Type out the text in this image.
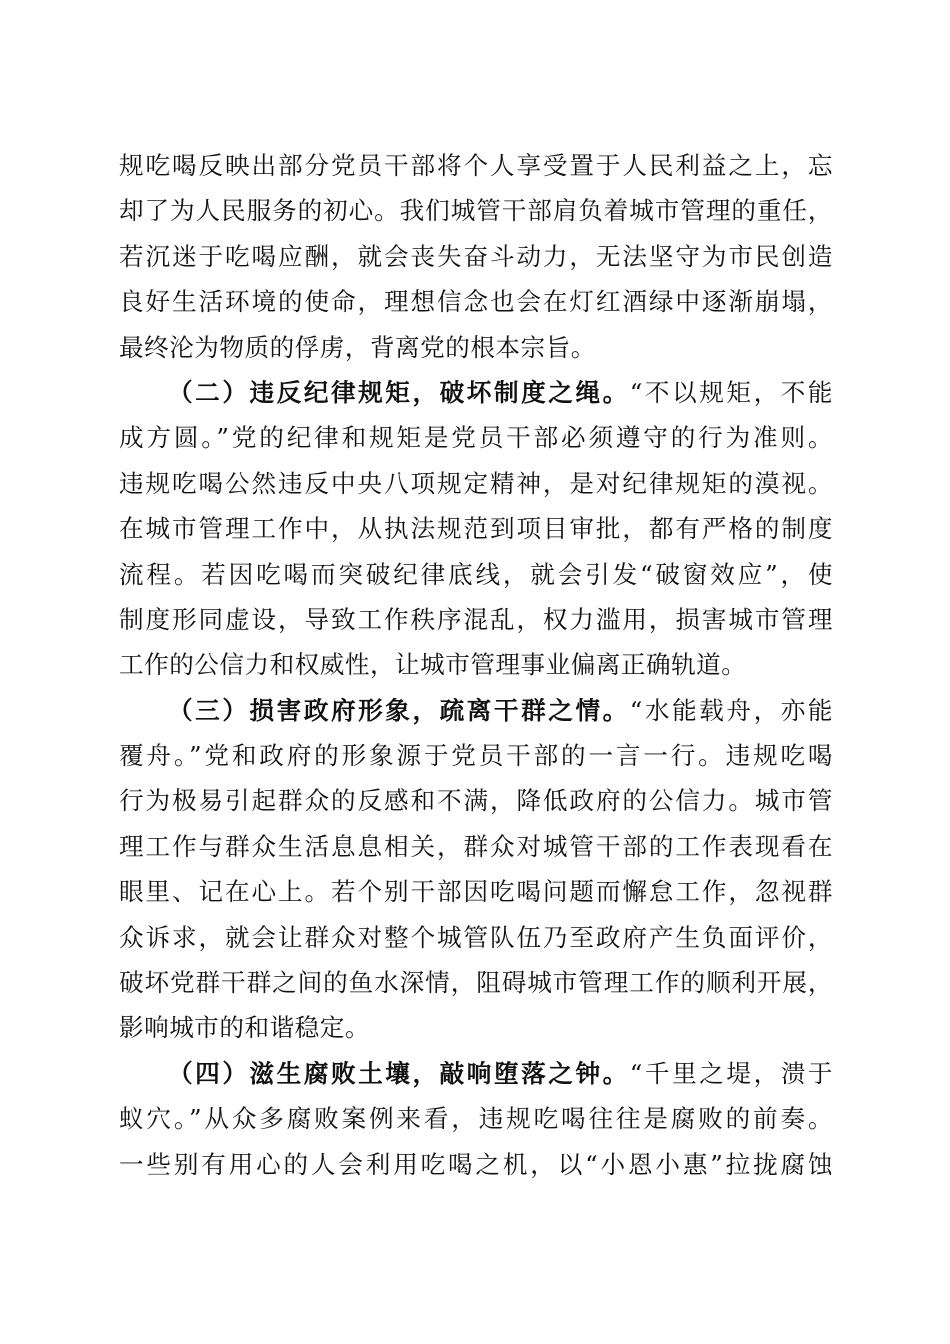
规吃喝反映出部分党员干部将个人享受置于人民利益之上，忘
却了为人民服务的初心。我们城管干部肩负着城市管理的重任，
若沉迷于吃喝应酬，就会丧失奋斗动力，无法坚守为市民创造
良好生活环境的使命，理想信念也会在灯红酒绿中逐渐崩塌，
最终沦为物质的俘虏，背离党的根本宗旨。
（二）违反纪律规矩，破坏制度之绳。“不以规矩，不能
成方圆。”党的纪律和规矩是党员干部必须遵守的行为准则。
违规吃喝公然违反中央八项规定精神，是对纪律规矩的漠视。
在城市管理工作中，从执法规范到项目审批，都有严格的制度
流程。若因吃喝而突破纪律底线，就会引发“破窗效应”，使
制度形同虚设，导致工作秩序混乱，权力滥用，损害城市管理
工作的公信力和权威性，让城市管理事业偏离正确轨道。
（三）损害政府形象，疏离干群之情。“水能载舟，亦能
覆舟。”党和政府的形象源于党员干部的一言一行。违规吃喝
行为极易引起群众的反感和不满，降低政府的公信力。城市管
理工作与群众生活息息相关，群众对城管干部的工作表现看在
眼里、记在心上。若个别干部因吃喝问题而懈怠工作，忽视群
众诉求，就会让群众对整个城管队伍乃至政府产生负面评价，
破坏党群干群之间的鱼水深情，阻碍城市管理工作的顺利开展，
影响城市的和谐稳定。
（四）滋生腐败土壤，敲响堕落之钟。“千里之堤，溃于
蚁穴。”从众多腐败案例来看，违规吃喝往往是腐败的前奏。
一些别有用心的人会利用吃喝之机，以“小恩小惠”拉拢腐蚀
